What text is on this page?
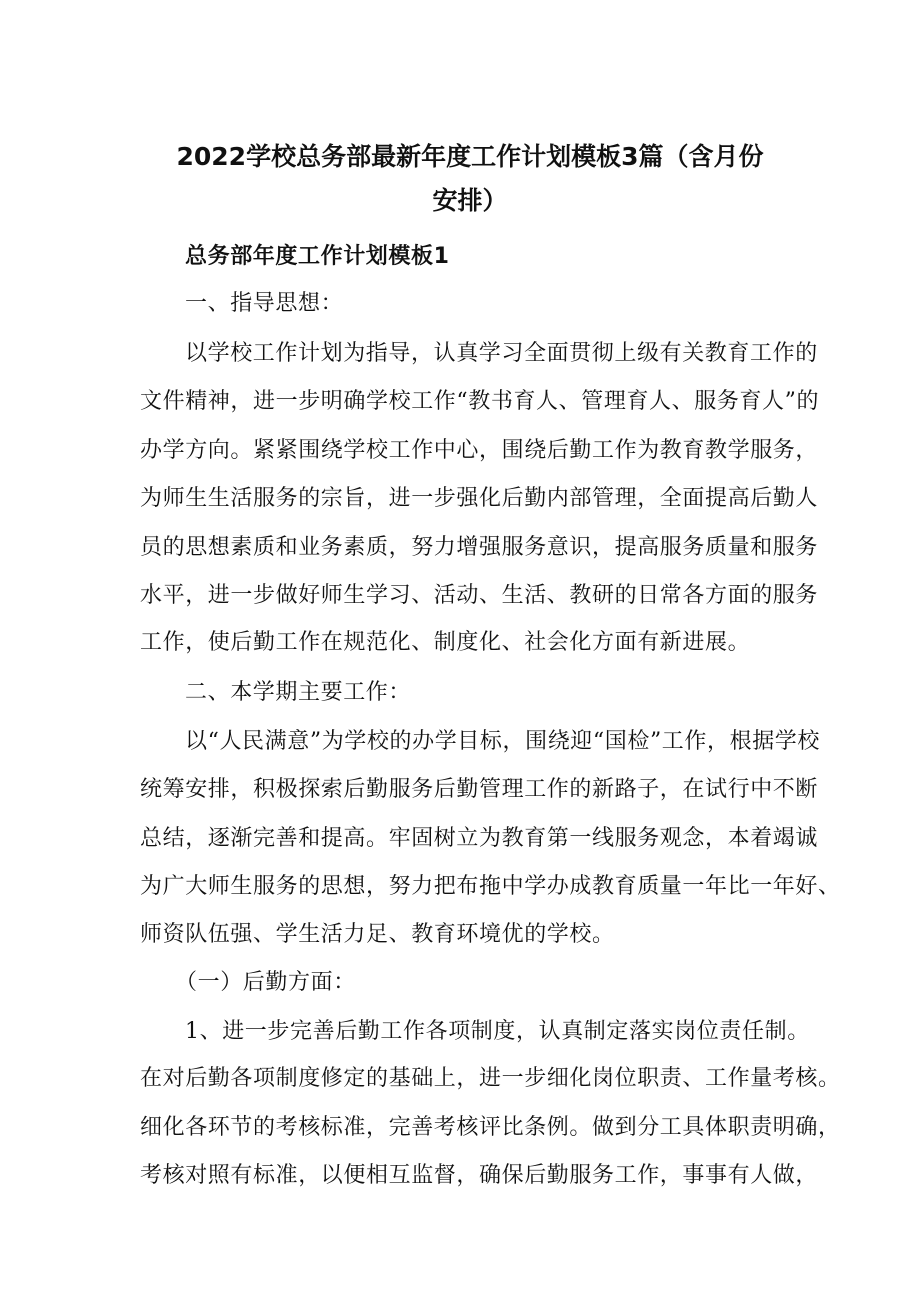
2022学校总务部最新年度工作计划模板3篇（含月份
安排）
总务部年度工作计划模板1
一、指导思想：
以学校工作计划为指导，认真学习全面贯彻上级有关教育工作的
文件精神，进一步明确学校工作“教书育人、管理育人、服务育人”的
办学方向。紧紧围绕学校工作中心，围绕后勤工作为教育教学服务，
为师生生活服务的宗旨，进一步强化后勤内部管理，全面提高后勤人
员的思想素质和业务素质，努力增强服务意识，提高服务质量和服务
水平，进一步做好师生学习、活动、生活、教研的日常各方面的服务
工作，使后勤工作在规范化、制度化、社会化方面有新进展。
二、本学期主要工作：
以“人民满意”为学校的办学目标，围绕迎“国检”工作，根据学校
统筹安排，积极探索后勤服务后勤管理工作的新路子，在试行中不断
总结，逐渐完善和提高。牢固树立为教育第一线服务观念，本着竭诚
为广大师生服务的思想，努力把布拖中学办成教育质量一年比一年好、
师资队伍强、学生活力足、教育环境优的学校。
（一）后勤方面：
1、进一步完善后勤工作各项制度，认真制定落实岗位责任制。
在对后勤各项制度修定的基础上，进一步细化岗位职责、工作量考核。
细化各环节的考核标准，完善考核评比条例。做到分工具体职责明确，
考核对照有标准，以便相互监督，确保后勤服务工作，事事有人做，
